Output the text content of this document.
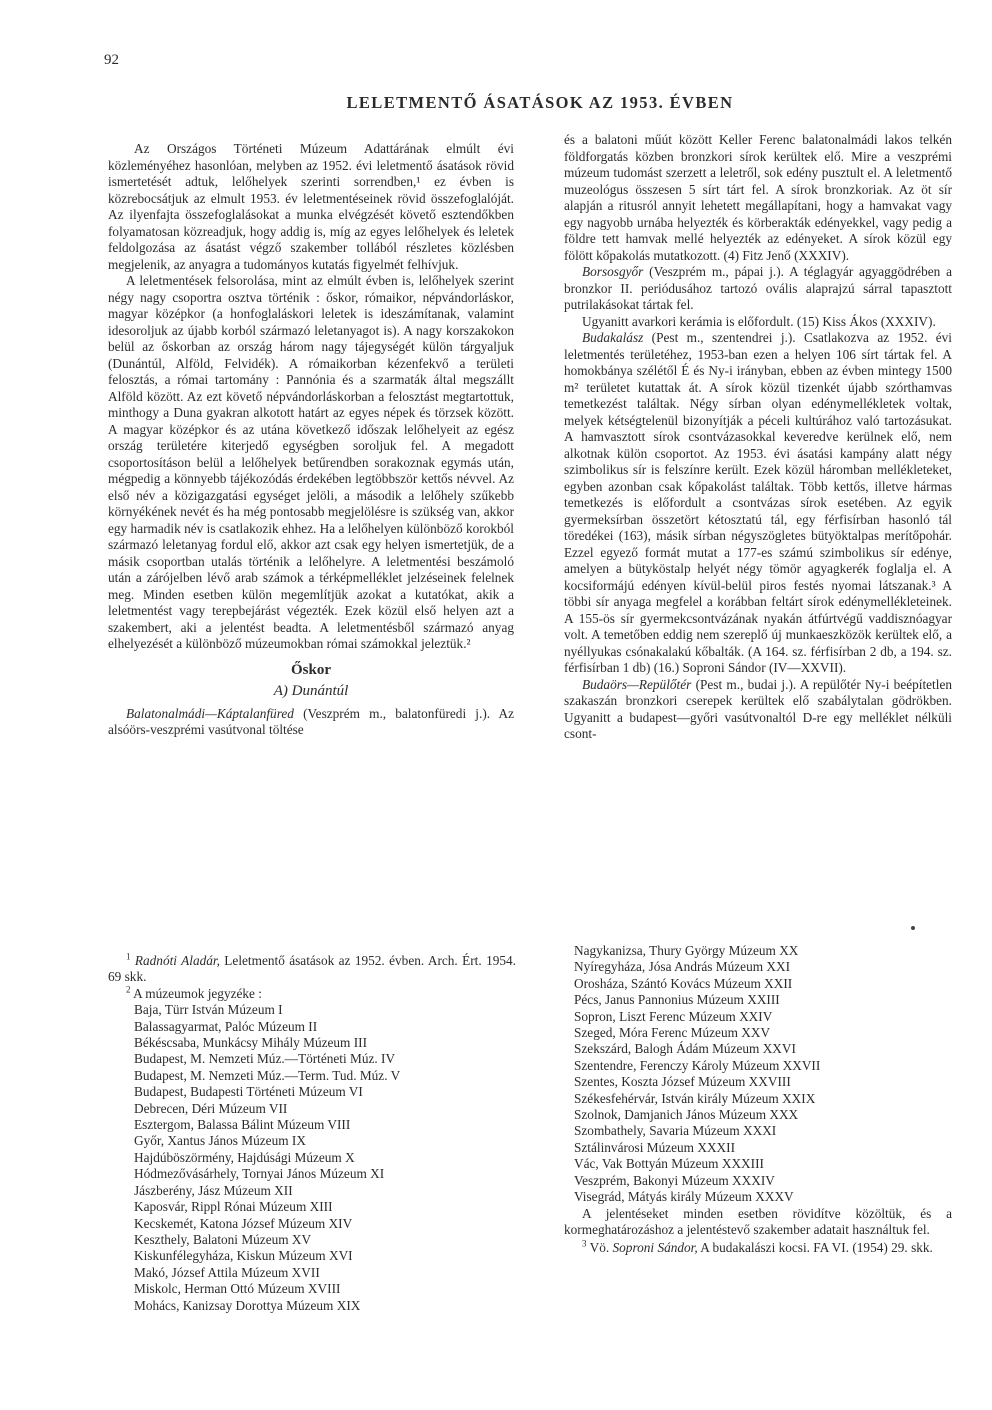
92
LELETMENTŐ ÁSATÁSOK AZ 1953. ÉVBEN

Az Országos Történeti Múzeum Adattárának elmúlt évi közleményéhez hasonlóan, melyben az 1952. évi leletmentő ásatások rövid ismertetését adtuk, lelőhelyek szerinti sorrendben,¹ ez évben is közrebocsátjuk az elmult 1953. év leletmentéseinek rövid összefoglalóját. Az ilyenfajta összefoglalásokat a munka elvégzését követő esztendőkben folyamatosan közreadjuk, hogy addig is, míg az egyes lelőhelyek és leletek feldolgozása az ásatást végző szakember tollából részletes közlésben megjelenik, az anyagra a tudományos kutatás figyelmét felhívjuk.

A leletmentések felsorolása, mint az elmúlt évben is, lelőhelyek szerint négy nagy csoportra osztva történik : őskor, rómaikor, népvándorláskor, magyar középkor (a honfoglaláskori leletek is ideszámítanak, valamint idesoroljuk az újabb korból származó leletanyagot is). A nagy korszakokon belül az őskorban az ország három nagy tájegységét külön tárgyaljuk (Dunántúl, Alföld, Felvidék). A rómaikorban kézenfekvő a területi felosztás, a római tartomány : Pannónia és a szarmaták által megszállt Alföld között. Az ezt követő népvándorláskorban a felosztást megtartottuk, minthogy a Duna gyakran alkotott határt az egyes népek és törzsek között. A magyar középkor és az utána következő időszak lelőhelyeit az egész ország területére kiterjedő egységben soroljuk fel. A megadott csoportosításon belül a lelőhelyek betűrendben sorakoznak egymás után, mégpedig a könnyebb tájékozódás érdekében legtöbbször kettős névvel. Az első név a közigazgatási egységet jelöli, a második a lelőhely szűkebb környékének nevét és ha még pontosabb megjelölésre is szükség van, akkor egy harmadik név is csatlakozik ehhez. Ha a lelőhelyen különböző korokból származó leletanyag fordul elő, akkor azt csak egy helyen ismertetjük, de a másik csoportban utalás történik a lelőhelyre. A leletmentési beszámoló után a zárójelben lévő arab számok a térképmelléklet jelzéseinek felelnek meg. Minden esetben külön megemlítjük azokat a kutatókat, akik a leletmentést vagy terepbejárást végezték. Ezek közül első helyen azt a szakembert, aki a jelentést beadta. A leletmentésből származó anyag elhelyezését a különböző múzeumokban római számokkal jeleztük.²

Őskor
A) Dunántúl

Balatonalmádi—Káptalanfüred (Veszprém m., balatonfüredi j.). Az alsóörs-veszprémi vasútvonal töltése

és a balatoni műút között Keller Ferenc balatonalmádi lakos telkén földforgatás közben bronzkori sírok kerültek elő. Mire a veszprémi múzeum tudomást szerzett a leletről, sok edény pusztult el. A leletmentő muzeológus összesen 5 sírt tárt fel. A sírok bronzkoriak. Az öt sír alapján a ritusról annyit lehetett megállapítani, hogy a hamvakat vagy egy nagyobb urnába helyezték és körberakták edényekkel, vagy pedig a földre tett hamvak mellé helyezték az edényeket. A sírok közül egy fölött kőpakolás mutatkozott. (4) Fitz Jenő (XXXIV).

Borsosgyőr (Veszprém m., pápai j.). A téglagyár agyaggödrében a bronzkor II. periódusához tartozó ovális alaprajzú sárral tapasztott putrilakásokat tártak fel.

Ugyanitt avarkori kerámia is előfordult. (15) Kiss Ákos (XXXIV).

Budakalász (Pest m., szentendrei j.). Csatlakozva az 1952. évi leletmentés területéhez, 1953-ban ezen a helyen 106 sírt tártak fel. A homokbánya szélétől É és Ny-i irányban, ebben az évben mintegy 1500 m² területet kutattak át. A sírok közül tizenkét újabb szórthamvas temetkezést találtak. Négy sírban olyan edénymellékletek voltak, melyek kétségtelenül bizonyítják a péceli kultúrához való tartozásukat. A hamvasztott sírok csontvázasokkal keveredve kerülnek elő, nem alkotnak külön csoportot. Az 1953. évi ásatási kampány alatt négy szimbolikus sír is felszínre került. Ezek közül háromban mellékleteket, egyben azonban csak kőpakolást találtak. Több kettős, illetve hármas temetkezés is előfordult a csontvázas sírok esetében. Az egyik gyermeksírban összetört kétosztatú tál, egy férfisírban hasonló tál töredékei (163), másik sírban négyszögletes bütyöktalpas merítőpohár. Ezzel egyező formát mutat a 177-es számú szimbolikus sír edénye, amelyen a bütyköstalp helyét négy tömör agyagkerék foglalja el. A kocsiformájú edényen kívül-belül piros festés nyomai látszanak.³ A többi sír anyaga megfelel a korábban feltárt sírok edénymellékleteinek. A 155-ös sír gyermekcsontvázának nyakán átfúrtvégű vaddisznóagyar volt. A temetőben eddig nem szereplő új munkaeszközök kerültek elő, a nyéllyukas csónakalakú kőbalták. (A 164. sz. férfisírban 2 db, a 194. sz. férfisírban 1 db) (16.) Soproni Sándor (IV—XXVII).

Budaörs—Repülőtér (Pest m., budai j.). A repülőtér Ny-i beépítetlen szakaszán bronzkori cserepek kerültek elő szabálytalan gödrökben. Ugyanitt a budapest—győri vasútvonaltól D-re egy melléklet nélküli csont-

$^1$ Radnóti Aladár, Leletmentő ásatások az 1952. évben. Arch. Ért. 1954. 69 skk.

$^2$ A múzeumok jegyzéke :
Baja, Türr István Múzeum I
Balassagyarmat, Palóc Múzeum II
Békéscsaba, Munkácsy Mihály Múzeum III
Budapest, M. Nemzeti Múz.—Történeti Múz. IV
Budapest, M. Nemzeti Múz.—Term. Tud. Múz. V
Budapest, Budapesti Történeti Múzeum VI
Debrecen, Déri Múzeum VII
Esztergom, Balassa Bálint Múzeum VIII
Győr, Xantus János Múzeum IX
Hajdúböszörmény, Hajdúsági Múzeum X
Hódmezővásárhely, Tornyai János Múzeum XI
Jászberény, Jász Múzeum XII
Kaposvár, Rippl Rónai Múzeum XIII
Kecskemét, Katona József Múzeum XIV
Keszthely, Balatoni Múzeum XV
Kiskunfélegyháza, Kiskun Múzeum XVI
Makó, József Attila Múzeum XVII
Miskolc, Herman Ottó Múzeum XVIII
Mohács, Kanizsay Dorottya Múzeum XIX
Nagykanizsa, Thury György Múzeum XX
Nyíregyháza, Jósa András Múzeum XXI
Orosháza, Szántó Kovács Múzeum XXII
Pécs, Janus Pannonius Múzeum XXIII
Sopron, Liszt Ferenc Múzeum XXIV
Szeged, Móra Ferenc Múzeum XXV
Szekszárd, Balogh Ádám Múzeum XXVI
Szentendre, Ferenczy Károly Múzeum XXVII
Szentes, Koszta József Múzeum XXVIII
Székesfehérvár, István király Múzeum XXIX
Szolnok, Damjanich János Múzeum XXX
Szombathely, Savaria Múzeum XXXI
Sztálinvárosi Múzeum XXXII
Vác, Vak Bottyán Múzeum XXXIII
Veszprém, Bakonyi Múzeum XXXIV
Visegrád, Mátyás király Múzeum XXXV

A jelentéseket minden esetben rövidítve közöltük, és a kormeghatározáshoz a jelentéstevő szakember adatait használtuk fel.

$^3$ Vö. Soproni Sándor, A budakalászi kocsi. FA VI. (1954) 29. skk.
